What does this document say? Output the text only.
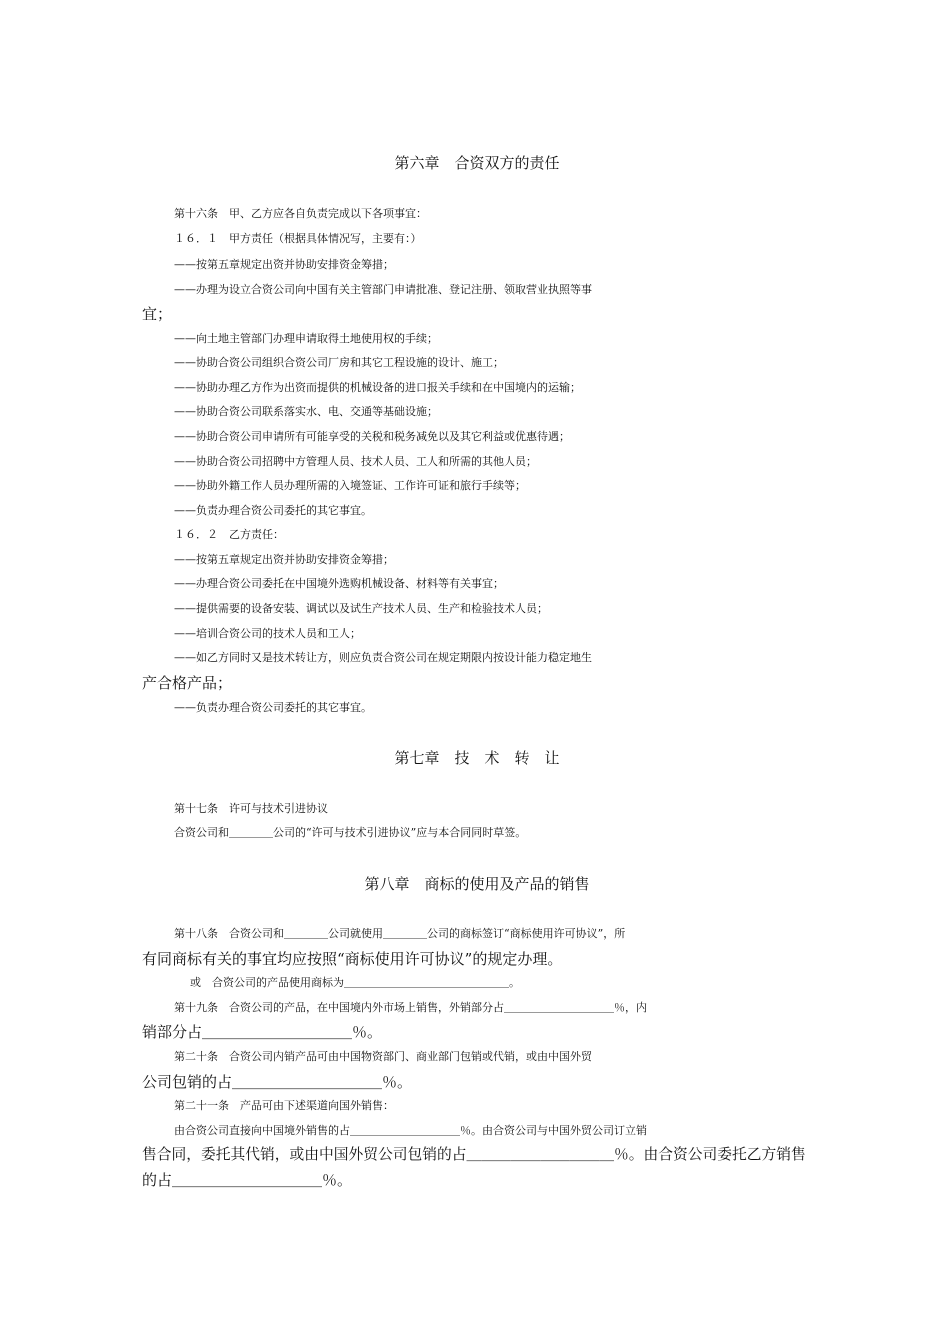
第六章　合资双方的责任
第十六条　甲、乙方应各自负责完成以下各项事宜：
１６．１　甲方责任（根据具体情况写，主要有：）
——按第五章规定出资并协助安排资金筹措；
——办理为设立合资公司向中国有关主管部门申请批准、登记注册、领取营业执照等事
宜；
——向土地主管部门办理申请取得土地使用权的手续；
——协助合资公司组织合资公司厂房和其它工程设施的设计、施工；
——协助办理乙方作为出资而提供的机械设备的进口报关手续和在中国境内的运输；
——协助合资公司联系落实水、电、交通等基础设施；
——协助合资公司申请所有可能享受的关税和税务减免以及其它利益或优惠待遇；
——协助合资公司招聘中方管理人员、技术人员、工人和所需的其他人员；
——协助外籍工作人员办理所需的入境签证、工作许可证和旅行手续等；
——负责办理合资公司委托的其它事宜。
１６．２　乙方责任：
——按第五章规定出资并协助安排资金筹措；
——办理合资公司委托在中国境外选购机械设备、材料等有关事宜；
——提供需要的设备安装、调试以及试生产技术人员、生产和检验技术人员；
——培训合资公司的技术人员和工人；
——如乙方同时又是技术转让方，则应负责合资公司在规定期限内按设计能力稳定地生
产合格产品；
——负责办理合资公司委托的其它事宜。
第七章　技　术　转　让
第十七条　许可与技术引进协议
合资公司和＿＿＿＿公司的“许可与技术引进协议”应与本合同同时草签。
第八章　商标的使用及产品的销售
第十八条　合资公司和＿＿＿＿公司就使用＿＿＿＿公司的商标签订“商标使用许可协议”，所
有同商标有关的事宜均应按照“商标使用许可协议”的规定办理。
或　合资公司的产品使用商标为＿＿＿＿＿＿＿＿＿＿＿＿＿＿＿。
第十九条　合资公司的产品，在中国境内外市场上销售，外销部分占＿＿＿＿＿＿＿＿＿＿％，内
销部分占＿＿＿＿＿＿＿＿＿＿％。
第二十条　合资公司内销产品可由中国物资部门、商业部门包销或代销，或由中国外贸
公司包销的占＿＿＿＿＿＿＿＿＿＿％。
第二十一条　产品可由下述渠道向国外销售：
由合资公司直接向中国境外销售的占＿＿＿＿＿＿＿＿＿＿％。由合资公司与中国外贸公司订立销
售合同，委托其代销，或由中国外贸公司包销的占＿＿＿＿＿＿＿＿＿＿％。由合资公司委托乙方销售
的占＿＿＿＿＿＿＿＿＿＿％。
